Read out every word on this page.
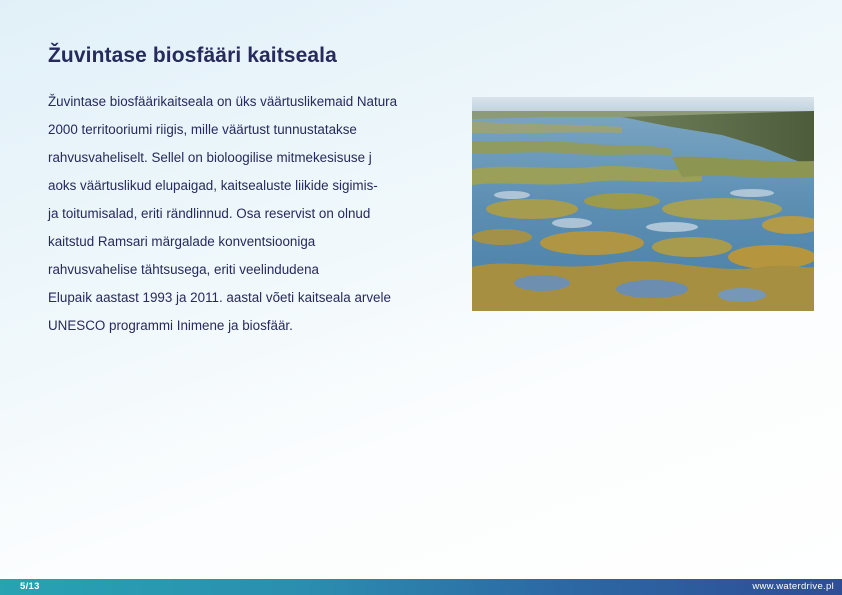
Žuvintase biosfääri kaitseala
Žuvintase biosfäärikaitseala on üks väärtuslikemaid Natura
2000 territooriumi riigis, mille väärtust tunnustatakse
rahvusvaheliselt. Sellel on bioloogilise mitmekesisuse j
aoks väärtuslikud elupaigad, kaitsealuste liikide sigimis-
ja toitumisalad, eriti rändlinnud. Osa reservist on olnud
kaitstud Ramsari märgalade konventsiooniga
rahvusvahelise tähtsusega, eriti veelindudena
Elupaik aastast 1993 ja 2011. aastal võeti kaitseala arvele
UNESCO programmi Inimene ja biosfäär.
5/13	www.waterdrive.pl
